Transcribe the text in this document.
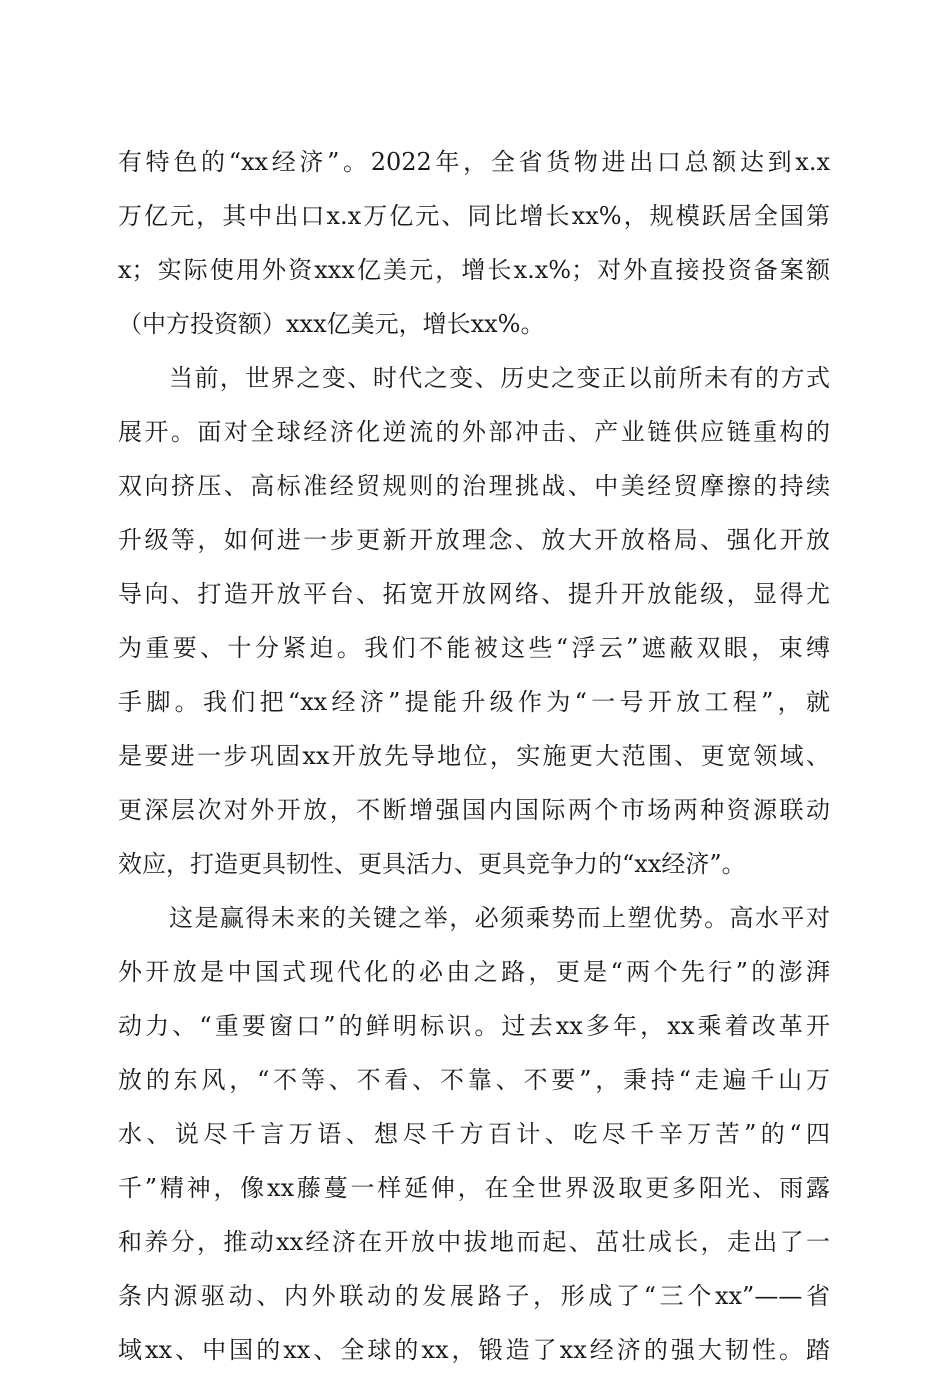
有特色的“xx经济”。2022年，全省货物进出口总额达到x.x
万亿元，其中出口x.x万亿元、同比增长xx%，规模跃居全国第
x；实际使用外资xxx亿美元，增长x.x%；对外直接投资备案额
（中方投资额）xxx亿美元，增长xx%。
　　当前，世界之变、时代之变、历史之变正以前所未有的方式
展开。面对全球经济化逆流的外部冲击、产业链供应链重构的
双向挤压、高标准经贸规则的治理挑战、中美经贸摩擦的持续
升级等，如何进一步更新开放理念、放大开放格局、强化开放
导向、打造开放平台、拓宽开放网络、提升开放能级，显得尤
为重要、十分紧迫。我们不能被这些“浮云”遮蔽双眼，束缚
手脚。我们把“xx经济”提能升级作为“一号开放工程”，就
是要进一步巩固xx开放先导地位，实施更大范围、更宽领域、
更深层次对外开放，不断增强国内国际两个市场两种资源联动
效应，打造更具韧性、更具活力、更具竞争力的“xx经济”。
　　这是赢得未来的关键之举，必须乘势而上塑优势。高水平对
外开放是中国式现代化的必由之路，更是“两个先行”的澎湃
动力、“重要窗口”的鲜明标识。过去xx多年，xx乘着改革开
放的东风，“不等、不看、不靠、不要”，秉持“走遍千山万
水、说尽千言万语、想尽千方百计、吃尽千辛万苦”的“四
千”精神，像xx藤蔓一样延伸，在全世界汲取更多阳光、雨露
和养分，推动xx经济在开放中拔地而起、茁壮成长，走出了一
条内源驱动、内外联动的发展路子，形成了“三个xx”——省
域xx、中国的xx、全球的xx，锻造了xx经济的强大韧性。踏
